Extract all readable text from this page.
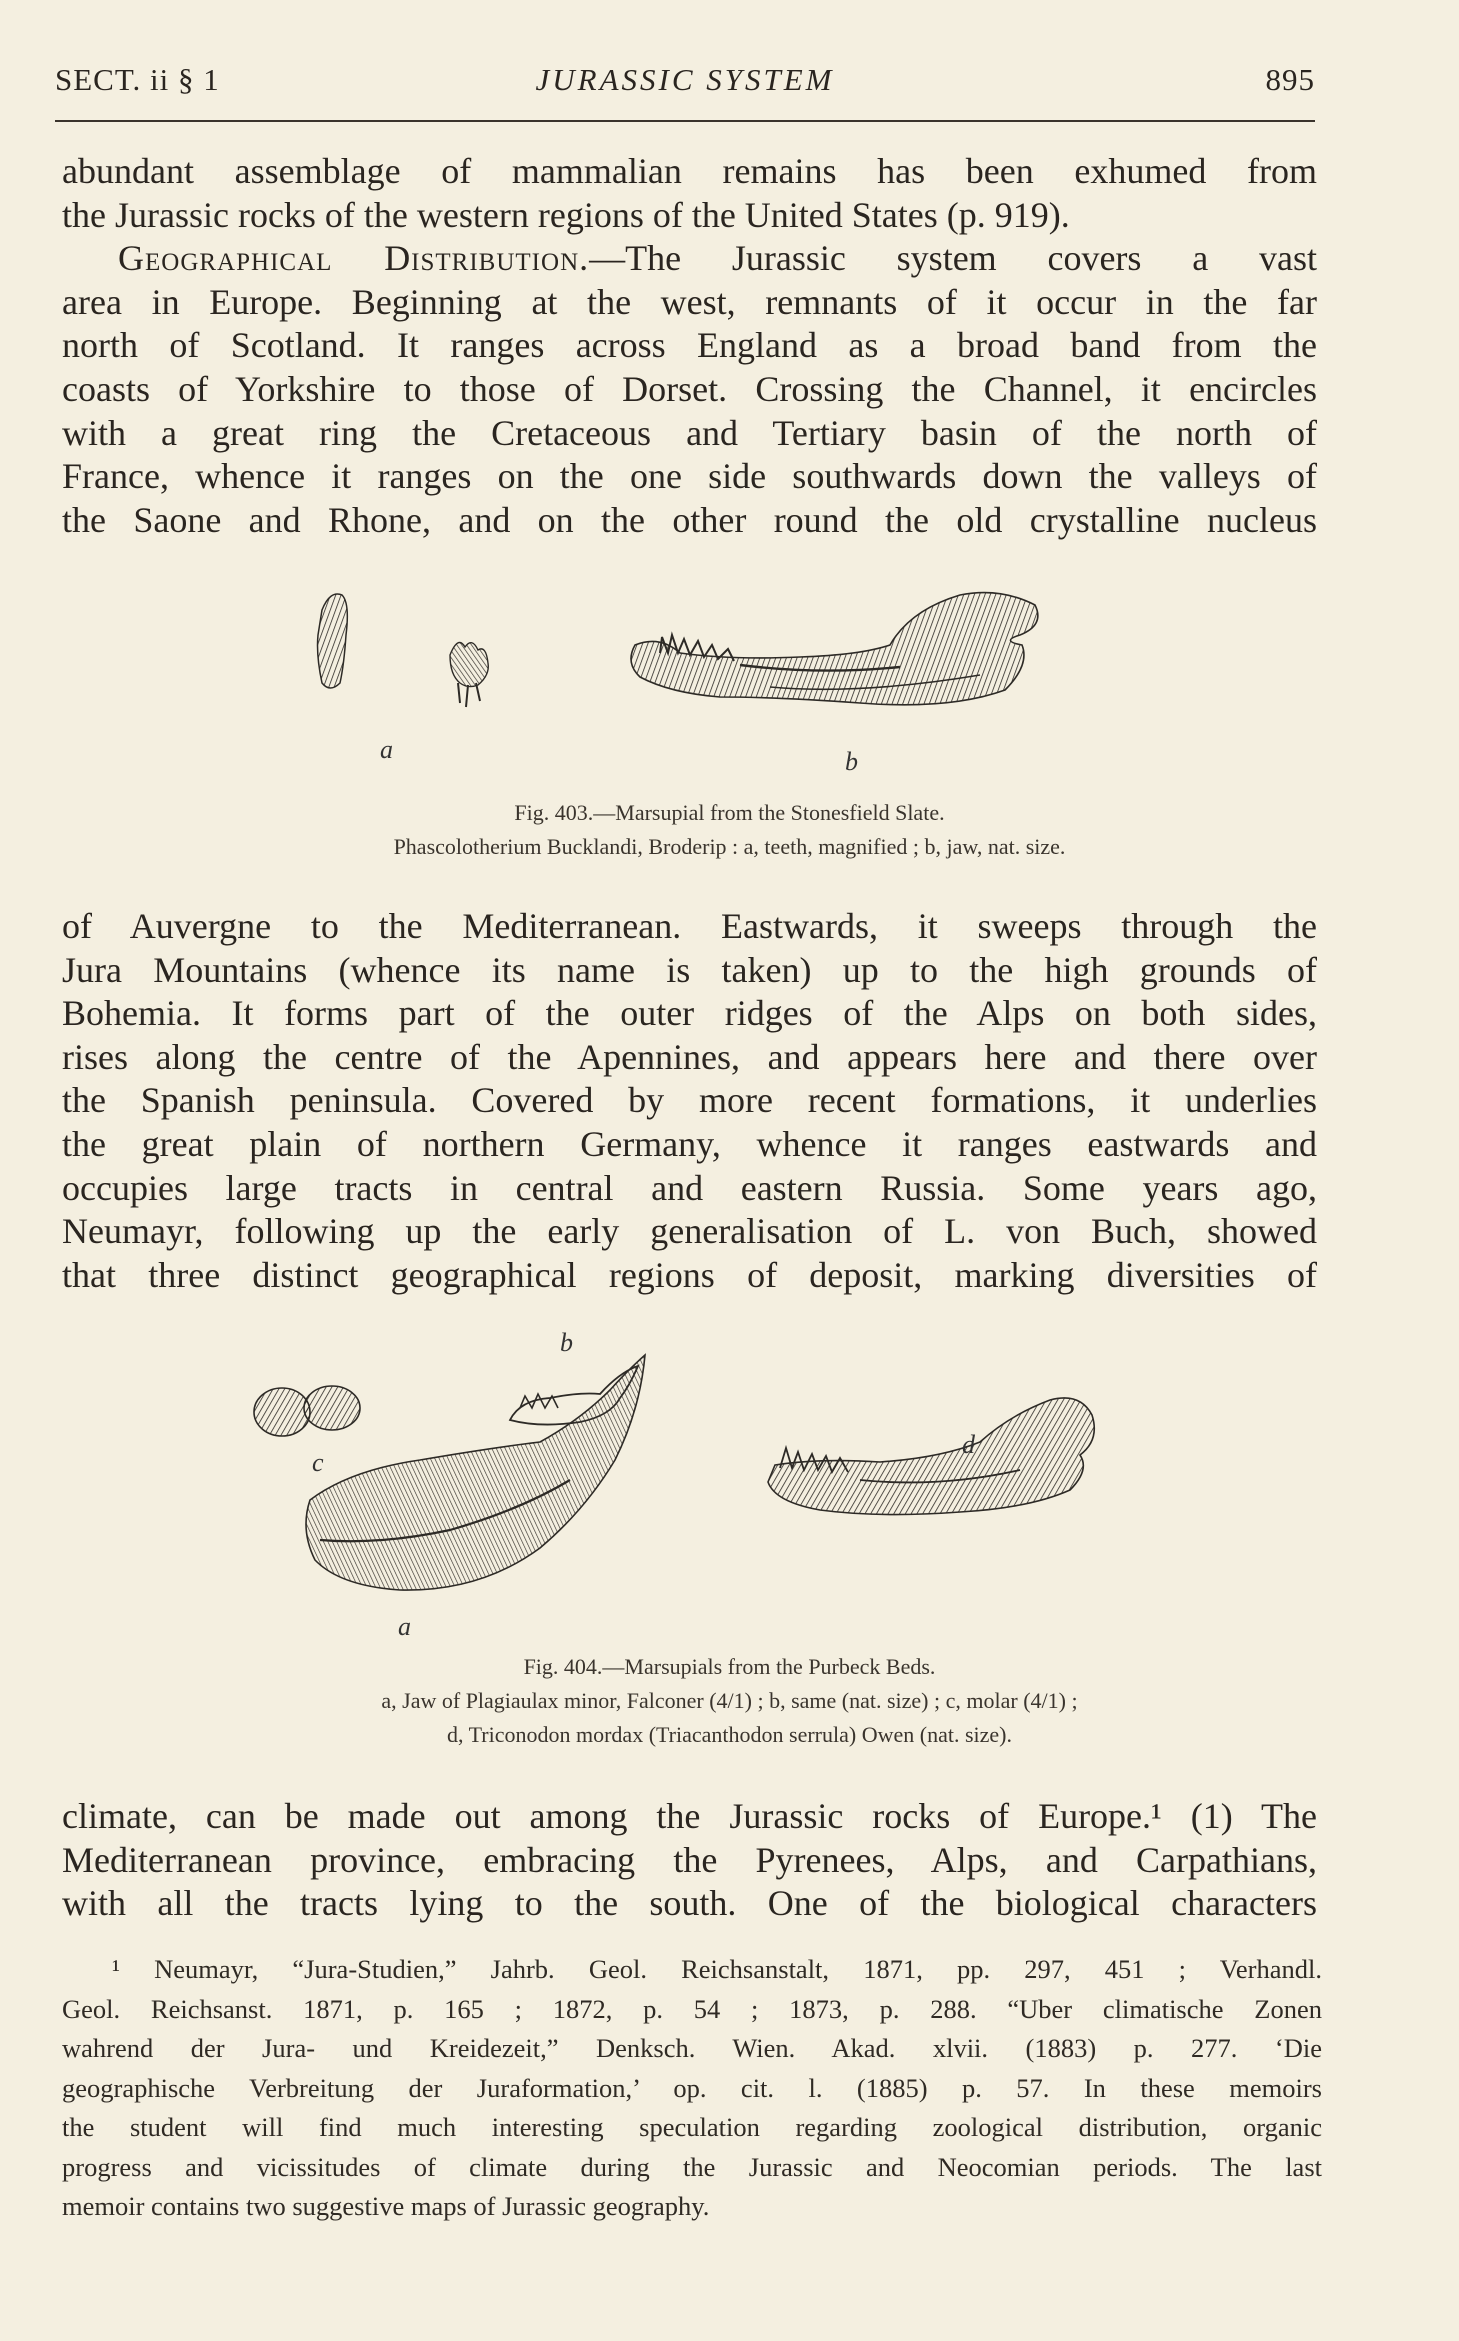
SECT. ii § 1	JURASSIC SYSTEM	895
abundant assemblage of mammalian remains has been exhumed from
the Jurassic rocks of the western regions of the United States (p. 919).
Geographical Distribution.—The Jurassic system covers a vast
area in Europe. Beginning at the west, remnants of it occur in the far
north of Scotland. It ranges across England as a broad band from the
coasts of Yorkshire to those of Dorset. Crossing the Channel, it encircles
with a great ring the Cretaceous and Tertiary basin of the north of
France, whence it ranges on the one side southwards down the valleys of
the Saone and Rhone, and on the other round the old crystalline nucleus
a	b
Fig. 403.—Marsupial from the Stonesfield Slate.
Phascolotherium Bucklandi, Broderip : a, teeth, magnified ; b, jaw, nat. size.
of Auvergne to the Mediterranean. Eastwards, it sweeps through the
Jura Mountains (whence its name is taken) up to the high grounds of
Bohemia. It forms part of the outer ridges of the Alps on both sides,
rises along the centre of the Apennines, and appears here and there over
the Spanish peninsula. Covered by more recent formations, it underlies
the great plain of northern Germany, whence it ranges eastwards and
occupies large tracts in central and eastern Russia. Some years ago,
Neumayr, following up the early generalisation of L. von Buch, showed
that three distinct geographical regions of deposit, marking diversities of
b
c
d
a
Fig. 404.—Marsupials from the Purbeck Beds.
a, Jaw of Plagiaulax minor, Falconer (4/1) ; b, same (nat. size) ; c, molar (4/1) ;
d, Triconodon mordax (Triacanthodon serrula) Owen (nat. size).
climate, can be made out among the Jurassic rocks of Europe.¹ (1) The
Mediterranean province, embracing the Pyrenees, Alps, and Carpathians,
with all the tracts lying to the south. One of the biological characters
¹ Neumayr, “Jura-Studien,” Jahrb. Geol. Reichsanstalt, 1871, pp. 297, 451 ; Verhandl.
Geol. Reichsanst. 1871, p. 165 ; 1872, p. 54 ; 1873, p. 288. “Uber climatische Zonen
wahrend der Jura- und Kreidezeit,” Denksch. Wien. Akad. xlvii. (1883) p. 277. ‘Die
geographische Verbreitung der Juraformation,’ op. cit. l. (1885) p. 57. In these memoirs
the student will find much interesting speculation regarding zoological distribution, organic
progress and vicissitudes of climate during the Jurassic and Neocomian periods. The last
memoir contains two suggestive maps of Jurassic geography.
